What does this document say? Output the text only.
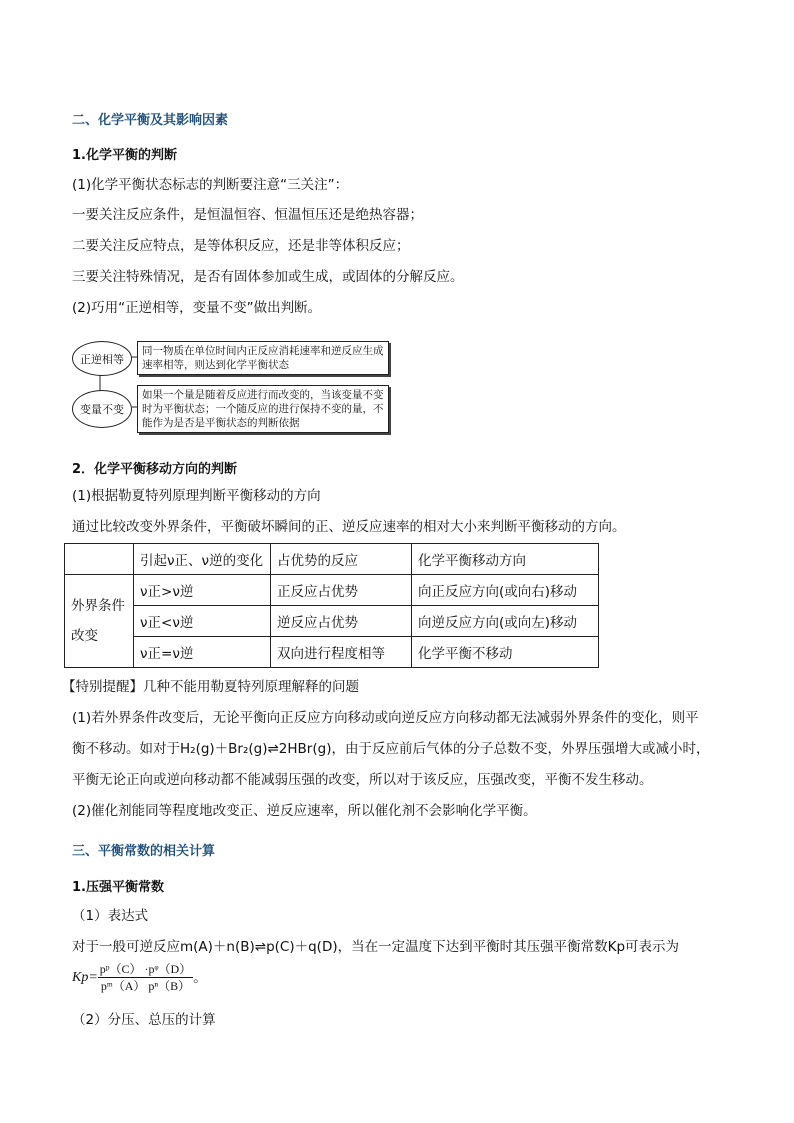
二、化学平衡及其影响因素
1.化学平衡的判断
(1)化学平衡状态标志的判断要注意“三关注”：
一要关注反应条件，是恒温恒容、恒温恒压还是绝热容器；
二要关注反应特点，是等体积反应，还是非等体积反应；
三要关注特殊情况，是否有固体参加或生成，或固体的分解反应。
(2)巧用“正逆相等，变量不变”做出判断。
正逆相等
同一物质在单位时间内正反应消耗速率和逆反应生成速率相等，则达到化学平衡状态
变量不变
如果一个量是随着反应进行而改变的，当该变量不变时为平衡状态；一个随反应的进行保持不变的量，不能作为是否是平衡状态的判断依据
2．化学平衡移动方向的判断
(1)根据勒夏特列原理判断平衡移动的方向
通过比较改变外界条件，平衡破坏瞬间的正、逆反应速率的相对大小来判断平衡移动的方向。
	引起ν正、ν逆的变化	占优势的反应	化学平衡移动方向
外界条件改变	ν正>ν逆	正反应占优势	向正反应方向(或向右)移动
	ν正<ν逆	逆反应占优势	向逆反应方向(或向左)移动
	ν正=ν逆	双向进行程度相等	化学平衡不移动
【特别提醒】几种不能用勒夏特列原理解释的问题
(1)若外界条件改变后，无论平衡向正反应方向移动或向逆反应方向移动都无法减弱外界条件的变化，则平
衡不移动。如对于H₂(g)＋Br₂(g)⇌2HBr(g)，由于反应前后气体的分子总数不变，外界压强增大或减小时，
平衡无论正向或逆向移动都不能减弱压强的改变，所以对于该反应，压强改变，平衡不发生移动。
(2)催化剂能同等程度地改变正、逆反应速率，所以催化剂不会影响化学平衡。
三、平衡常数的相关计算
1.压强平衡常数
（1）表达式
对于一般可逆反应m(A)＋n(B)⇌p(C)＋q(D)，当在一定温度下达到平衡时其压强平衡常数Kp可表示为
$Kp= \frac{\text{pᵖ（C） ·pᵠ（D）}}{\text{pᵐ（A） pⁿ（B）}}$ 。
（2）分压、总压的计算
